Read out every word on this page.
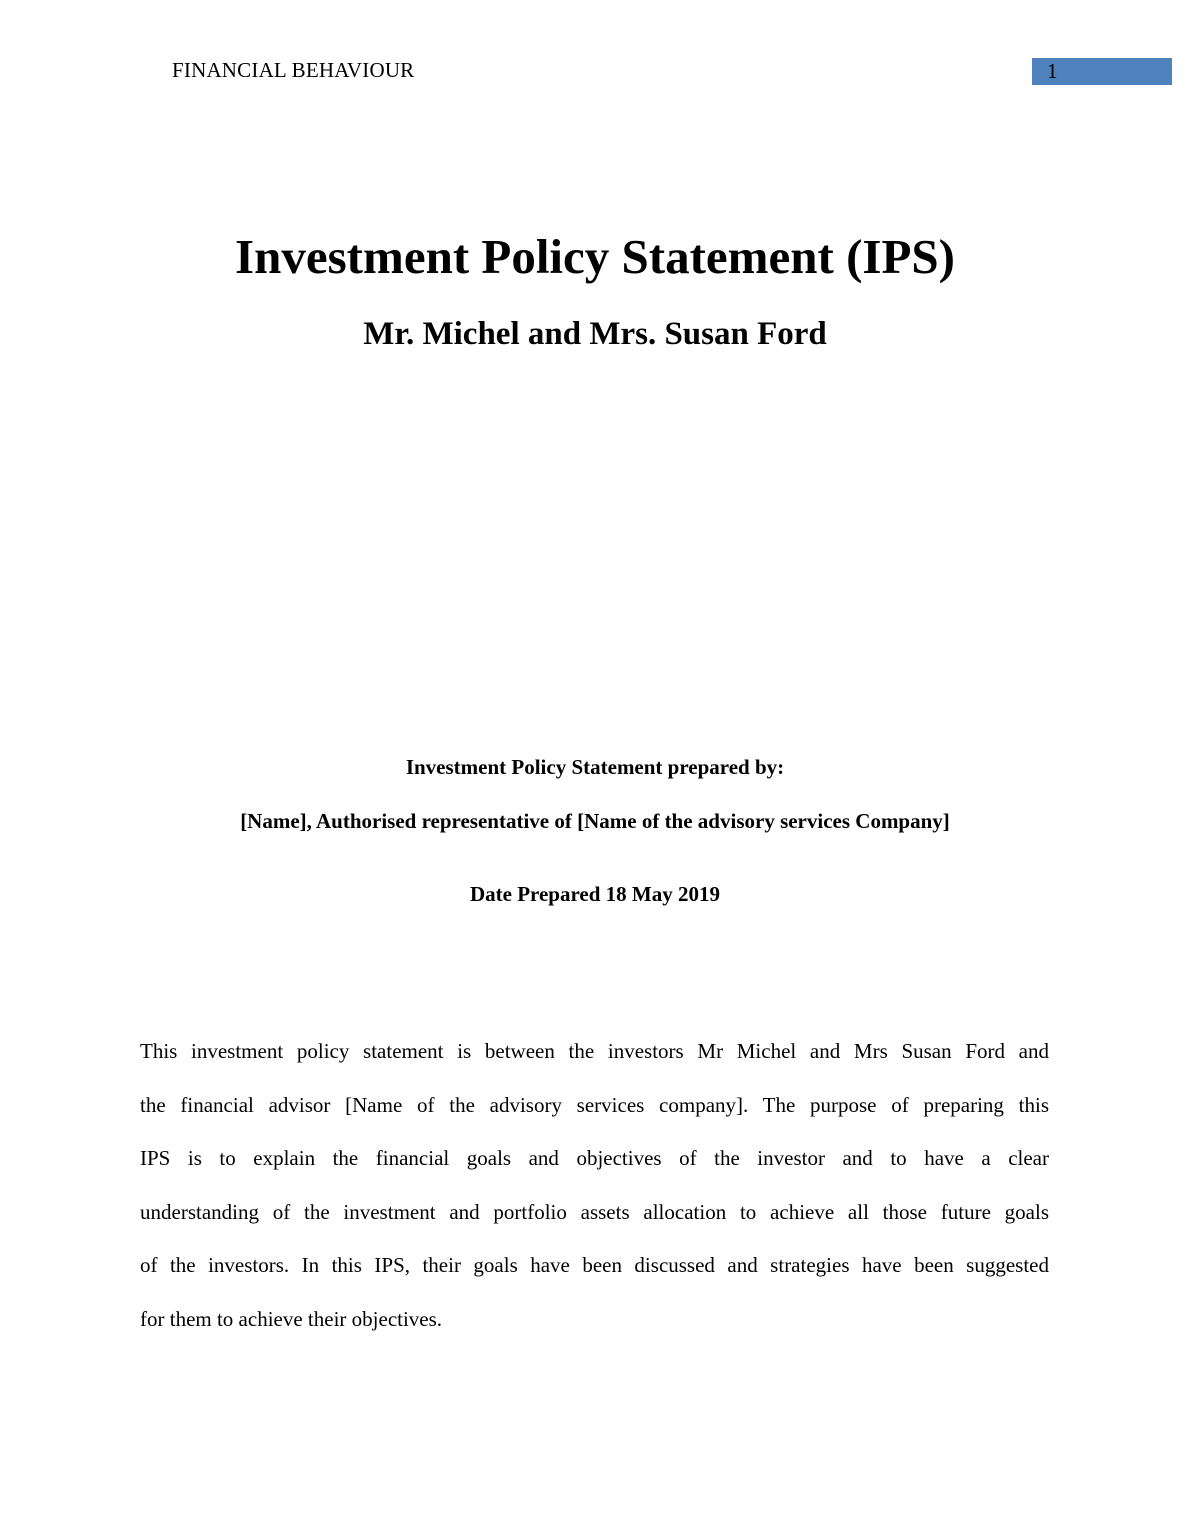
FINANCIAL BEHAVIOUR	1
Investment Policy Statement (IPS)
Mr. Michel and Mrs. Susan Ford
Investment Policy Statement prepared by:
[Name], Authorised representative of [Name of the advisory services Company]
Date Prepared 18 May 2019
This investment policy statement is between the investors Mr Michel and Mrs Susan Ford and
the financial advisor [Name of the advisory services company]. The purpose of preparing this
IPS is to explain the financial goals and objectives of the investor and to have a clear
understanding of the investment and portfolio assets allocation to achieve all those future goals
of the investors. In this IPS, their goals have been discussed and strategies have been suggested
for them to achieve their objectives.
